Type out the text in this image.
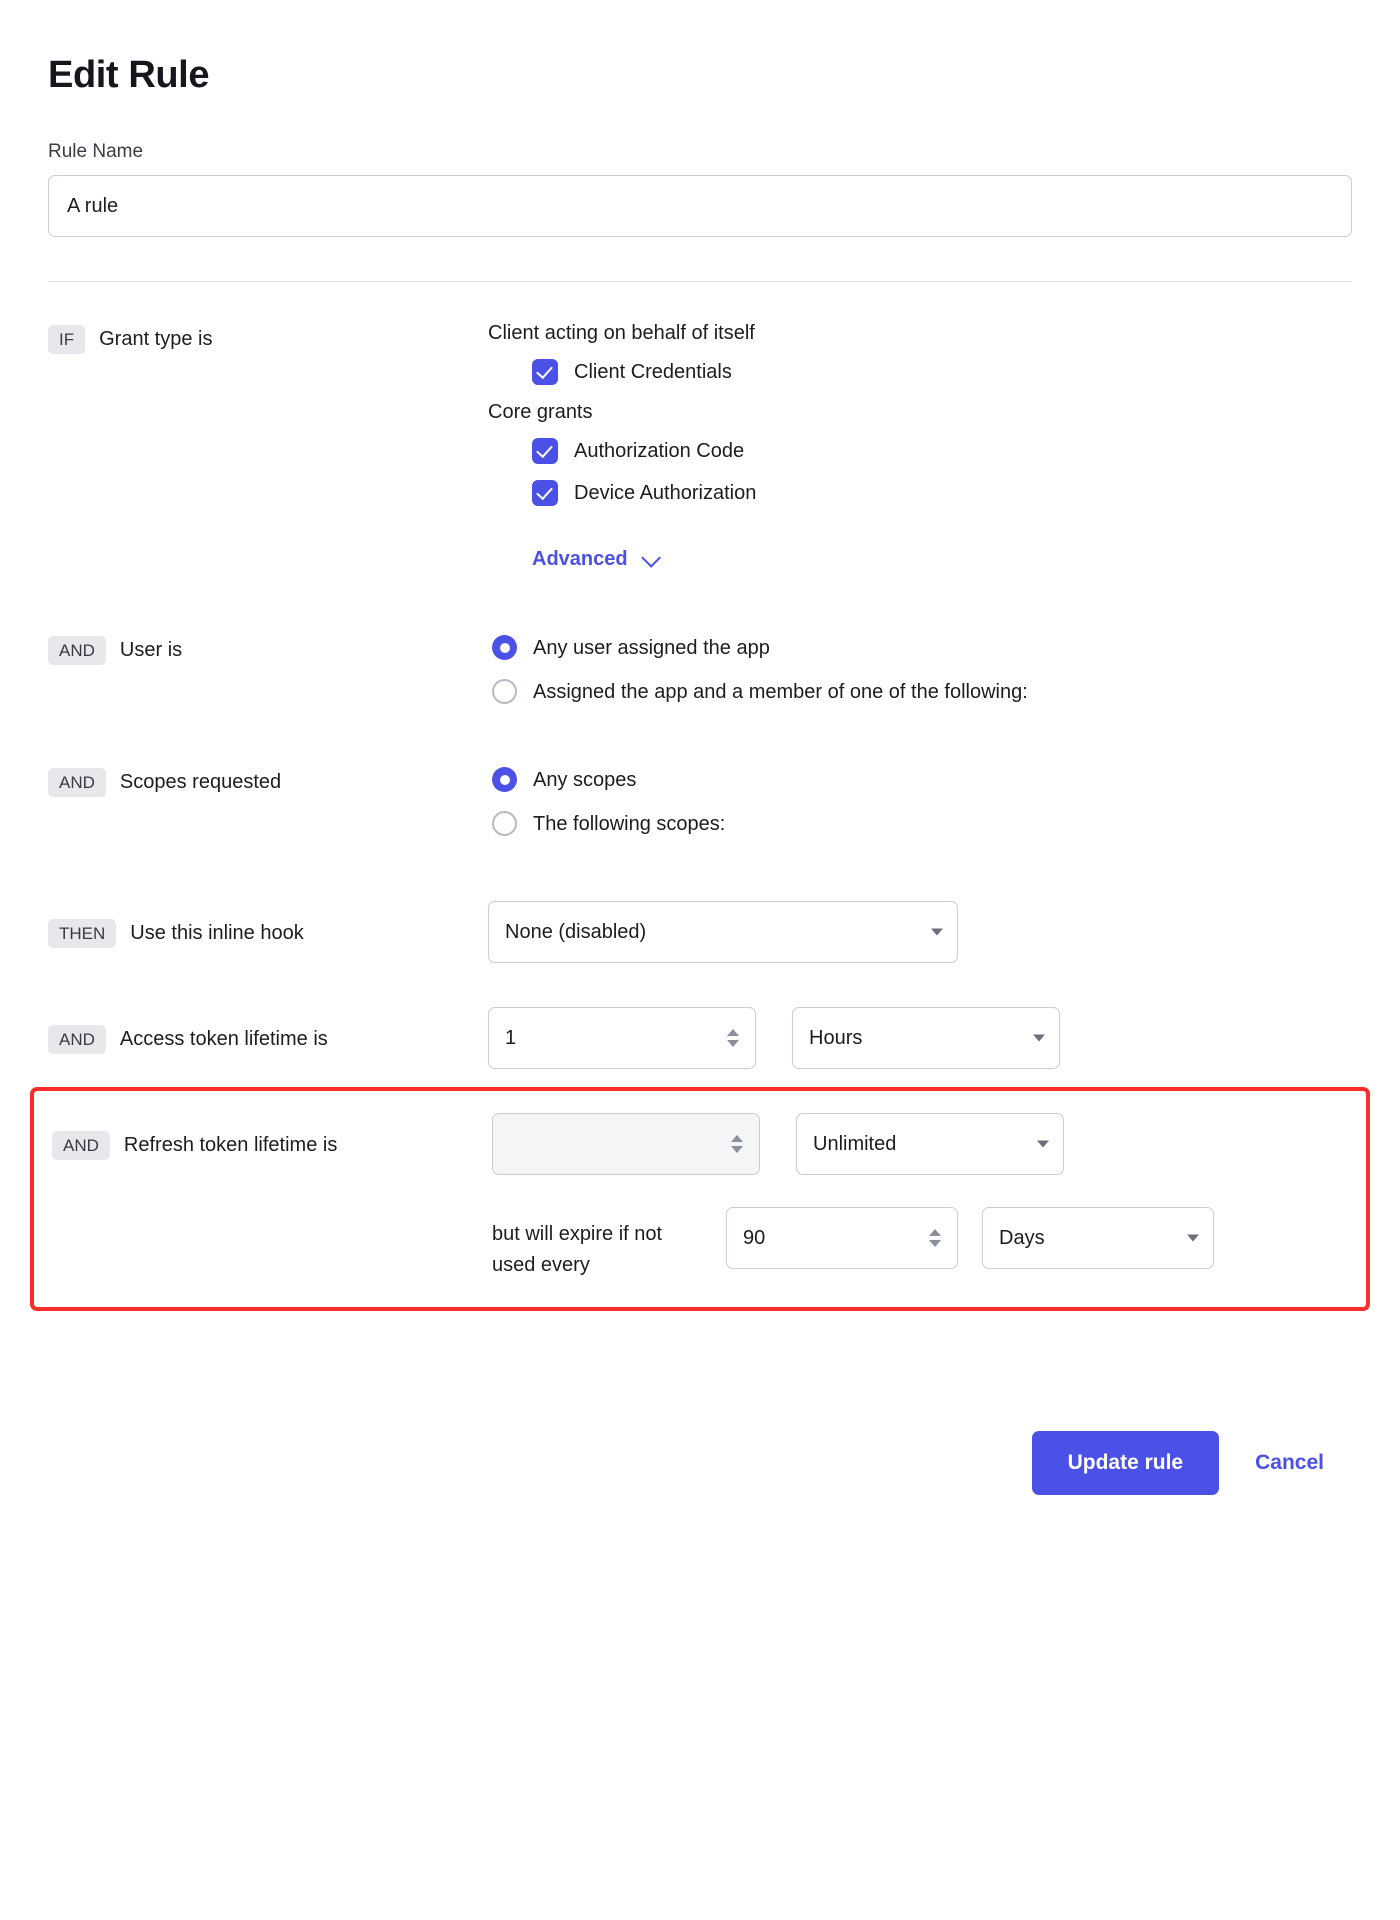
Edit Rule
Rule Name
A rule
IF	Grant type is	Client acting on behalf of itself
Client Credentials
Core grants
Authorization Code
Device Authorization
Advanced
AND	User is	Any user assigned the app
Assigned the app and a member of one of the following:
AND	Scopes requested	Any scopes
The following scopes:
THEN	Use this inline hook	None (disabled)
AND	Access token lifetime is	1	Hours
AND	Refresh token lifetime is	Unlimited
but will expire if not used every
90	Days
Update rule	Cancel
